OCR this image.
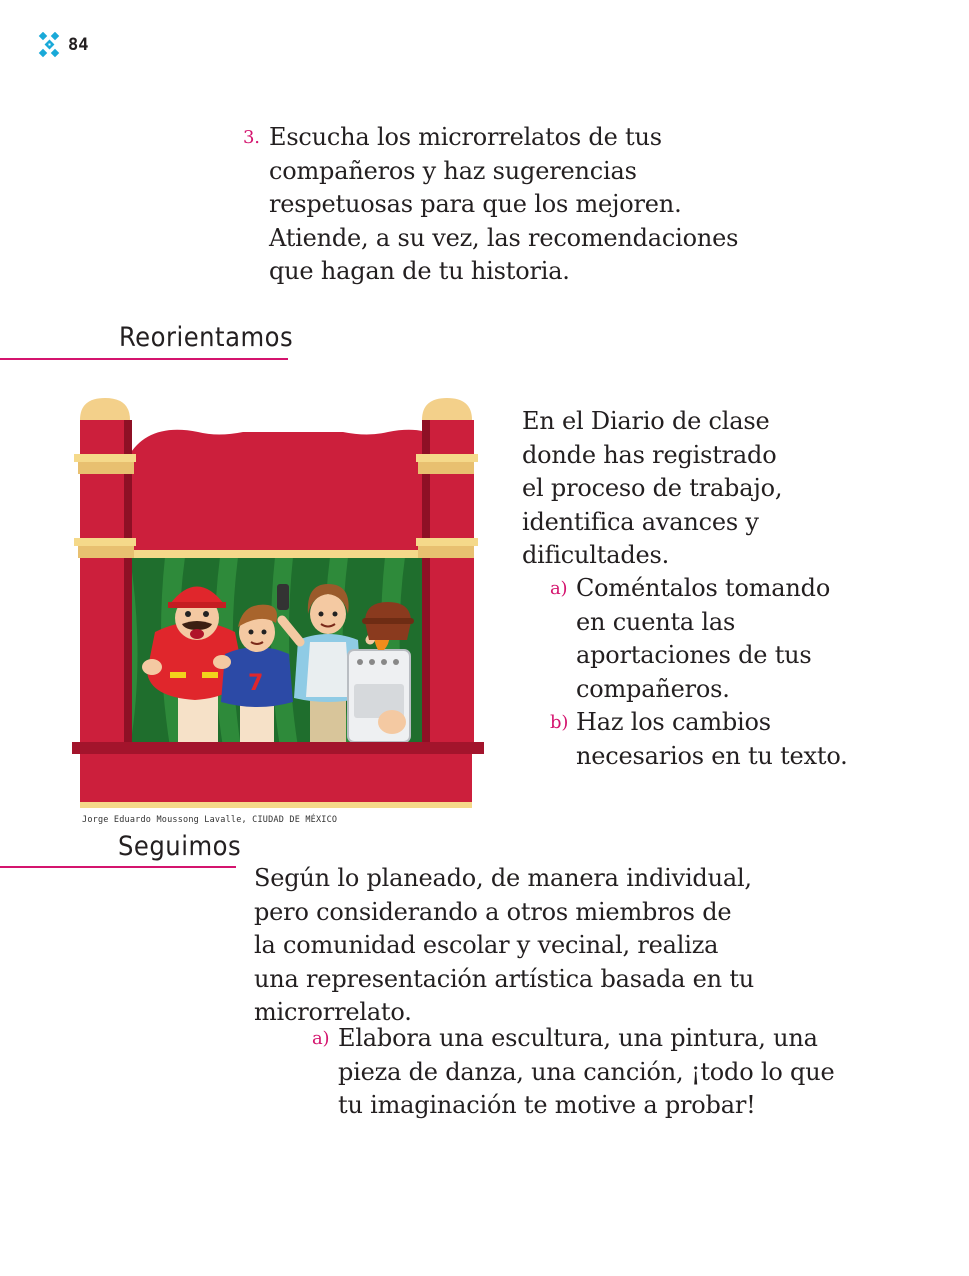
84
3. Escucha los microrrelatos de tus
compañeros y haz sugerencias
respetuosas para que los mejoren.
Atiende, a su vez, las recomendaciones
que hagan de tu historia.
Reorientamos
7
Jorge Eduardo Moussong Lavalle, CIUDAD DE MÉXICO
En el Diario de clase
donde has registrado
el proceso de trabajo,
identifica avances y
dificultades.
a) Coméntalos tomando
en cuenta las
aportaciones de tus
compañeros.
b) Haz los cambios
necesarios en tu texto.
Seguimos
Según lo planeado, de manera individual,
pero considerando a otros miembros de
la comunidad escolar y vecinal, realiza
una representación artística basada en tu
microrrelato.
a) Elabora una escultura, una pintura, una
pieza de danza, una canción, ¡todo lo que
tu imaginación te motive a probar!
